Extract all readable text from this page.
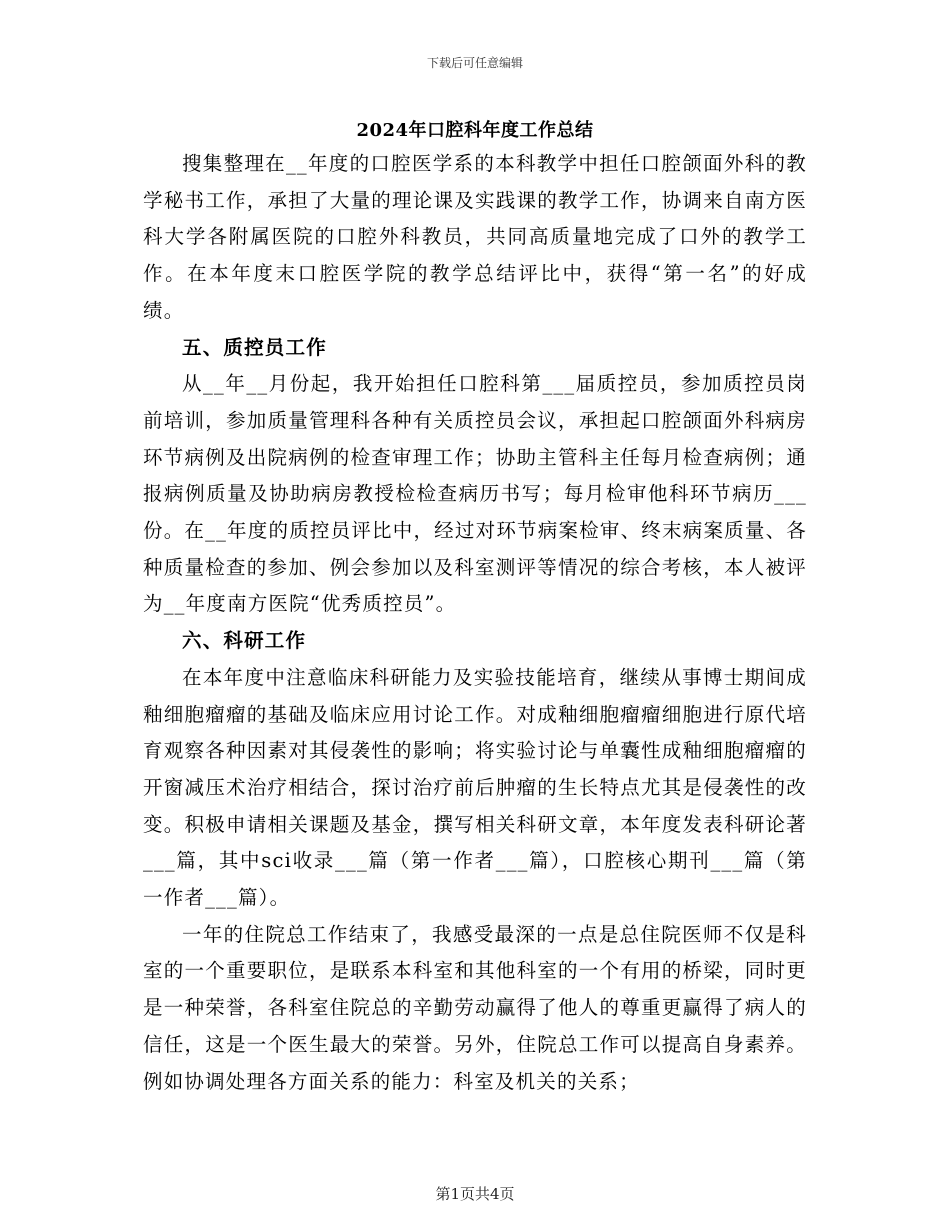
下载后可任意编辑
2024年口腔科年度工作总结

搜集整理在__年度的口腔医学系的本科教学中担任口腔颌面外科的教学秘书工作，承担了大量的理论课及实践课的教学工作，协调来自南方医科大学各附属医院的口腔外科教员，共同高质量地完成了口外的教学工作。在本年度末口腔医学院的教学总结评比中，获得“第一名”的好成绩。

五、质控员工作

从__年__月份起，我开始担任口腔科第___届质控员，参加质控员岗前培训，参加质量管理科各种有关质控员会议，承担起口腔颌面外科病房环节病例及出院病例的检查审理工作；协助主管科主任每月检查病例；通报病例质量及协助病房教授检检查病历书写；每月检审他科环节病历___份。在__年度的质控员评比中，经过对环节病案检审、终末病案质量、各种质量检查的参加、例会参加以及科室测评等情况的综合考核，本人被评为__年度南方医院“优秀质控员”。

六、科研工作

在本年度中注意临床科研能力及实验技能培育，继续从事博士期间成釉细胞瘤瘤的基础及临床应用讨论工作。对成釉细胞瘤瘤细胞进行原代培育观察各种因素对其侵袭性的影响；将实验讨论与单囊性成釉细胞瘤瘤的开窗减压术治疗相结合，探讨治疗前后肿瘤的生长特点尤其是侵袭性的改变。积极申请相关课题及基金，撰写相关科研文章，本年度发表科研论著___篇，其中sci收录___篇（第一作者___篇），口腔核心期刊___篇（第一作者___篇）。

一年的住院总工作结束了，我感受最深的一点是总住院医师不仅是科室的一个重要职位，是联系本科室和其他科室的一个有用的桥梁，同时更是一种荣誉，各科室住院总的辛勤劳动赢得了他人的尊重更赢得了病人的信任，这是一个医生最大的荣誉。另外，住院总工作可以提高自身素养。例如协调处理各方面关系的能力：科室及机关的关系；

第1页共4页
